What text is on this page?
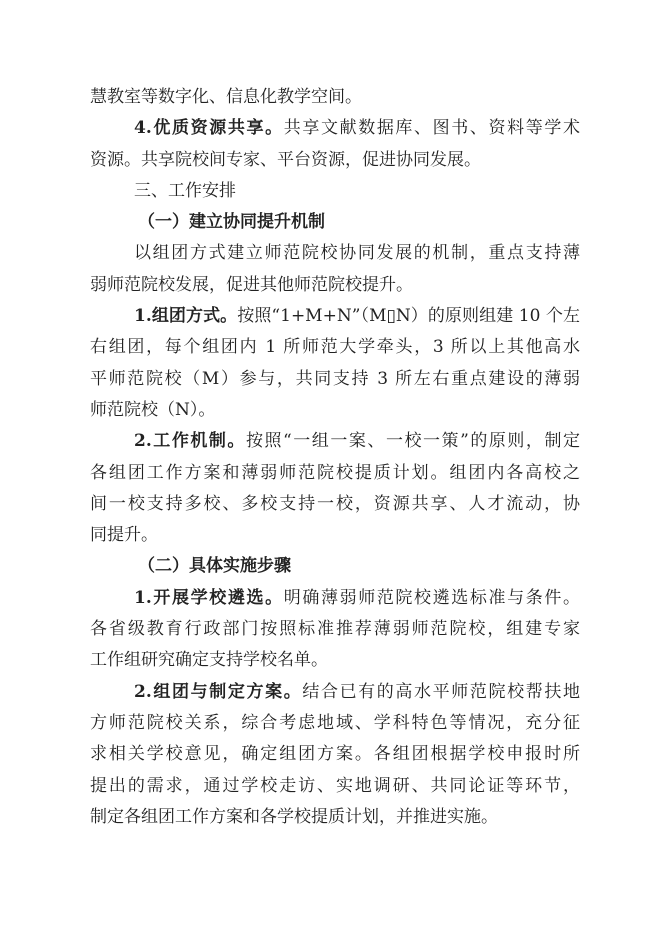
慧教室等数字化、信息化教学空间。
4.优质资源共享。共享文献数据库、图书、资料等学术
资源。共享院校间专家、平台资源，促进协同发展。
三、工作安排
（一）建立协同提升机制
以组团方式建立师范院校协同发展的机制，重点支持薄
弱师范院校发展，促进其他师范院校提升。
1.组团方式。按照“1+M+N”（M▯N）的原则组建 10 个左
右组团，每个组团内 1 所师范大学牵头，3 所以上其他高水
平师范院校（M）参与，共同支持 3 所左右重点建设的薄弱
师范院校（N）。
2.工作机制。按照“一组一案、一校一策”的原则，制定
各组团工作方案和薄弱师范院校提质计划。组团内各高校之
间一校支持多校、多校支持一校，资源共享、人才流动，协
同提升。
（二）具体实施步骤
1.开展学校遴选。明确薄弱师范院校遴选标准与条件。
各省级教育行政部门按照标准推荐薄弱师范院校，组建专家
工作组研究确定支持学校名单。
2.组团与制定方案。结合已有的高水平师范院校帮扶地
方师范院校关系，综合考虑地域、学科特色等情况，充分征
求相关学校意见，确定组团方案。各组团根据学校申报时所
提出的需求，通过学校走访、实地调研、共同论证等环节，
制定各组团工作方案和各学校提质计划，并推进实施。
